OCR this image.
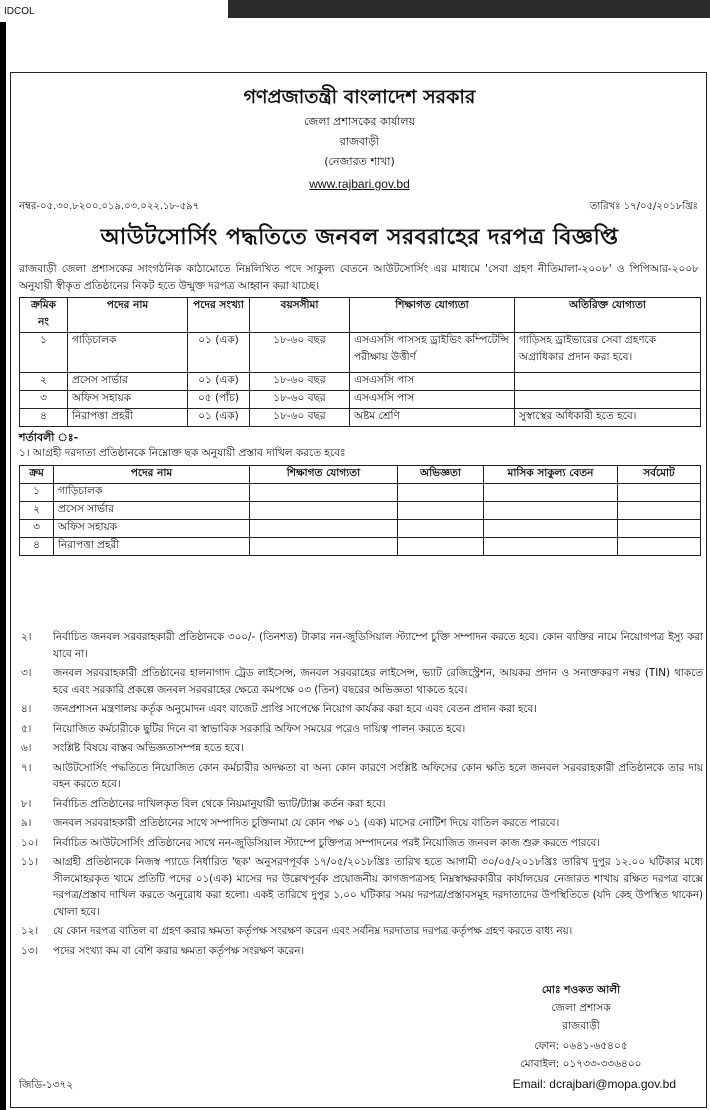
IDCOL
গণপ্রজাতন্ত্রী বাংলাদেশ সরকার
জেলা প্রশাসকের কার্যালয়
রাজবাড়ী
(নেজারত শাখা)
www.rajbari.gov.bd
নম্বর-০৫.৩০.৮২০০.০১৯.০৩.০২২.১৮-৫৯৭	তারিখঃ ১৭/০৫/২০১৮খ্রিঃ
আউটসোর্সিং পদ্ধতিতে জনবল সরবরাহের দরপত্র বিজ্ঞপ্তি
রাজবাড়ী জেলা প্রশাসকের সাংগঠনিক কাঠামোতে নিম্নলিখিত পদে সাকুল্য বেতনে আউটসোর্সিং এর মাধ্যমে 'সেবা গ্রহণ নীতিমালা-২০০৮' ও পিপিআর-২০০৮ অনুযায়ী স্বীকৃত প্রতিষ্ঠানের নিকট হতে উন্মুক্ত দরপত্র আহ্বান করা যাচ্ছে।
ক্রমিক নং	পদের নাম	পদের সংখ্যা	বয়সসীমা	শিক্ষাগত যোগ্যতা	অতিরিক্ত যোগ্যতা
১	গাড়িচালক	০১ (এক)	১৮-৬০ বছর	এসএসসি পাসসহ ড্রাইভিং কম্পিটেন্সি পরীক্ষায় উত্তীর্ণ	গাড়িসহ ড্রাইভারের সেবা গ্রহণকে অগ্রাধিকার প্রদান করা হবে।
২	প্রসেস সার্ভার	০১ (এক)	১৮-৬০ বছর	এসএসসি পাস	
৩	অফিস সহায়ক	০৫ (পাঁচ)	১৮-৬০ বছর	এসএসসি পাস	
৪	নিরাপত্তা প্রহরী	০১ (এক)	১৮-৬০ বছর	অষ্টম শ্রেণি	সুস্বাস্থের অধিকারী হতে হবে।
শর্তাবলী ঃ-
১। আগ্রহী দরদাতা প্রতিষ্ঠানকে নিম্নোক্ত ছক অনুযায়ী প্রস্তাব দাখিল করতে হবেঃ
ক্রম	পদের নাম	শিক্ষাগত যোগ্যতা	অভিজ্ঞতা	মাসিক সাকুল্য বেতন	সর্বমোট
১	গাড়িচালক				
২	প্রসেস সার্ভার				
৩	অফিস সহায়ক				
৪	নিরাপত্তা প্রহরী				
২। নির্বাচিত জনবল সরবরাহকারী প্রতিষ্ঠানকে ৩০০/- (তিনশত) টাকার নন-জুডিসিয়াল স্ট্যাম্পে চুক্তি সম্পাদন করতে হবে। কোন ব্যক্তির নামে নিয়োগপত্র ইস্যু করা যাবে না।
৩। জনবল সরবরাহকারী প্রতিষ্ঠানের হালনাগাদ ট্রেড লাইসেন্স, জনবল সরবরাহের লাইসেন্স, ভ্যাট রেজিস্ট্রেশন, আয়কর প্রদান ও সনাক্তকরণ নম্বর (TIN) থাকতে হবে এবং সরকারি প্রকল্পে জনবল সরবরাহের ক্ষেত্রে কমপক্ষে ০৩ (তিন) বছরের অভিজ্ঞতা থাকতে হবে।
৪। জনপ্রশাসন মন্ত্রণালয় কর্তৃক অনুমোদন এবং বাজেট প্রাপ্তি সাপেক্ষে নিয়োগ কার্যকর করা হবে এবং বেতন প্রদান করা হবে।
৫। নিয়োজিত কর্মচারীকে ছুটির দিনে বা স্বাভাবিক সরকারি অফিস সময়ের পরেও দায়িত্ব পালন করতে হবে।
৬। সংশ্লিষ্ট বিষয়ে বাস্তব অভিজ্ঞতাসম্পন্ন হতে হবে।
৭। আউটসোর্সিং পদ্ধতিতে নিয়োজিত কোন কর্মচারীর অদক্ষতা বা অন্য কোন কারণে সংশ্লিষ্ট অফিসের কোন ক্ষতি হলে জনবল সরবরাহকারী প্রতিষ্ঠানকে তার দায় বহন করতে হবে।
৮। নির্বাচিত প্রতিষ্ঠানের দাখিলকৃত বিল থেকে নিয়মানুযায়ী ভ্যাট/ট্যাক্স কর্তন করা হবে।
৯। জনবল সরবরাহকারী প্রতিষ্ঠানের সাথে সম্পাদিত চুক্তিনামা যে কোন পক্ষ ০১ (এক) মাসের নোটিশ দিয়ে বাতিল করতে পারবে।
১০। নির্বাচিত আউটসোর্সিং প্রতিষ্ঠানের সাথে নন-জুডিসিয়াল স্ট্যাম্পে চুক্তিপত্র সম্পাদনের পরই নিয়োজিত জনবল কাজ শুরু করতে পারবে।
১১। আগ্রহী প্রতিষ্ঠানকে নিজস্ব প্যাডে নির্ধারিত 'ছক' অনুসরণপূর্বক ১৭/০৫/২০১৮খ্রিঃ তারিখ হতে আগামী ৩০/০৫/২০১৮খ্রিঃ তারিখ দুপুর ১২.০০ ঘটিকার মধ্যে সীলমোহরকৃত খামে প্রতিটি পদের ০১(এক) মাসের দর উল্লেখপূর্বক প্রয়োজনীয় কাগজপত্রসহ নিম্নস্বাক্ষরকারীর কার্যালয়ের নেজারত শাখায় রক্ষিত দরপত্র বাক্সে দরপত্র/প্রস্তাব দাখিল করতে অনুরোধ করা হলো। একই তারিখে দুপুর ১.০০ ঘটিকার সময় দরপত্র/প্রস্তাবসমূহ দরদাতাদের উপস্থিতিতে (যদি কেহ উপস্থিত থাকেন) খোলা হবে।
১২। যে কোন দরপত্র বাতিল বা গ্রহণ করার ক্ষমতা কর্তৃপক্ষ সংরক্ষণ করেন এবং সর্বনিম্ন দরদাতার দরপত্র কর্তৃপক্ষ গ্রহণ করতে বাধ্য নয়।
১৩। পদের সংখ্যা কম বা বেশি করার ক্ষমতা কর্তৃপক্ষ সংরক্ষণ করেন।
মোঃ শওকত আলী
জেলা প্রশাসক
রাজবাড়ী
ফোন: ০৬৪১-৬৫৪০৫
মোবাইল: ০১৭৩৩-৩৩৬৪০০
জিডি-১৩৭২	Email: dcrajbari@mopa.gov.bd
